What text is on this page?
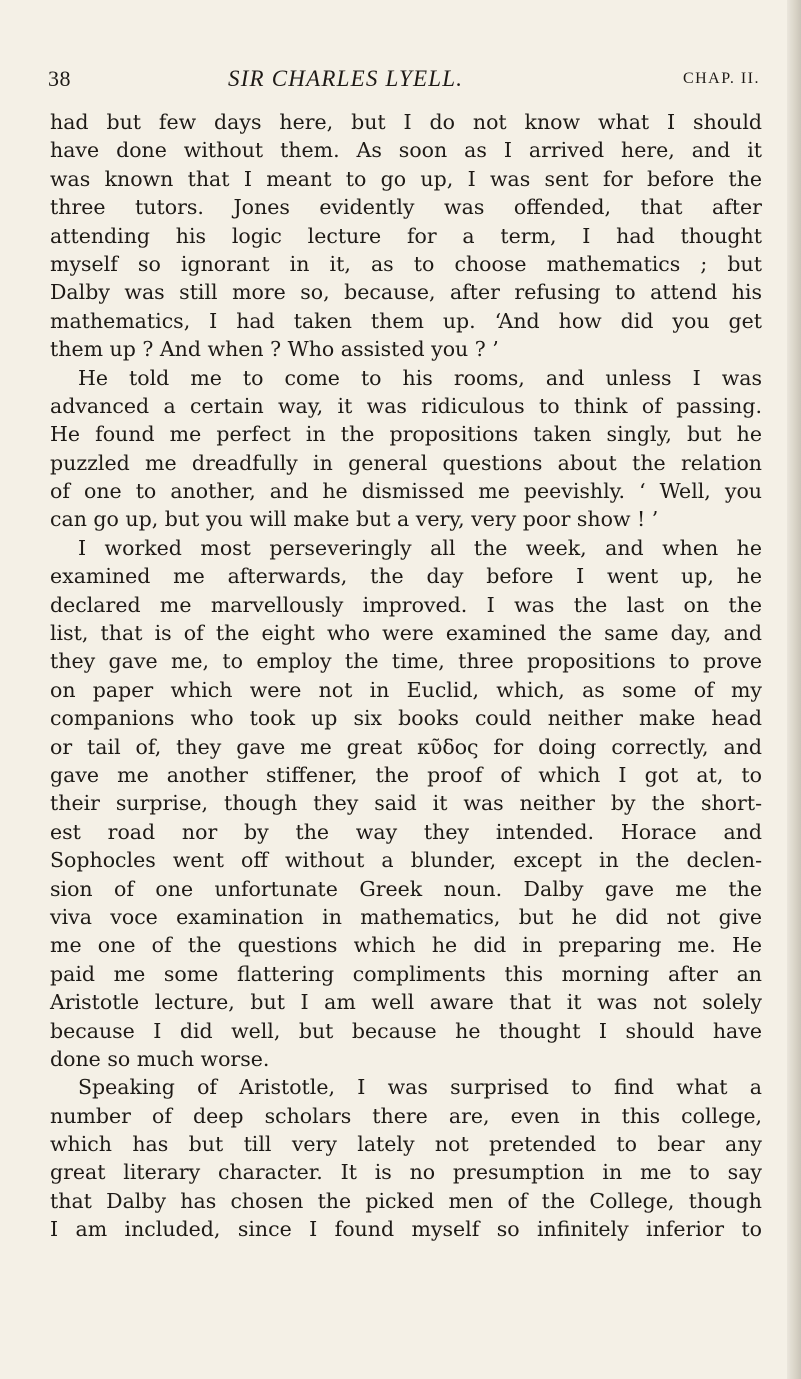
38	SIR CHARLES LYELL.	CHAP. II.
had but few days here, but I do not know what I should
have done without them. As soon as I arrived here, and it
was known that I meant to go up, I was sent for before the
three tutors. Jones evidently was offended, that after
attending his logic lecture for a term, I had thought
myself so ignorant in it, as to choose mathematics ; but
Dalby was still more so, because, after refusing to attend his
mathematics, I had taken them up. ‘And how did you get
them up ? And when ? Who assisted you ? ’
He told me to come to his rooms, and unless I was
advanced a certain way, it was ridiculous to think of passing.
He found me perfect in the propositions taken singly, but he
puzzled me dreadfully in general questions about the relation
of one to another, and he dismissed me peevishly. ‘ Well, you
can go up, but you will make but a very, very poor show ! ’
I worked most perseveringly all the week, and when he
examined me afterwards, the day before I went up, he
declared me marvellously improved. I was the last on the
list, that is of the eight who were examined the same day, and
they gave me, to employ the time, three propositions to prove
on paper which were not in Euclid, which, as some of my
companions who took up six books could neither make head
or tail of, they gave me great κῦδος for doing correctly, and
gave me another stiffener, the proof of which I got at, to
their surprise, though they said it was neither by the short-
est road nor by the way they intended. Horace and
Sophocles went off without a blunder, except in the declen-
sion of one unfortunate Greek noun. Dalby gave me the
viva voce examination in mathematics, but he did not give
me one of the questions which he did in preparing me. He
paid me some flattering compliments this morning after an
Aristotle lecture, but I am well aware that it was not solely
because I did well, but because he thought I should have
done so much worse.
Speaking of Aristotle, I was surprised to find what a
number of deep scholars there are, even in this college,
which has but till very lately not pretended to bear any
great literary character. It is no presumption in me to say
that Dalby has chosen the picked men of the College, though
I am included, since I found myself so infinitely inferior to
